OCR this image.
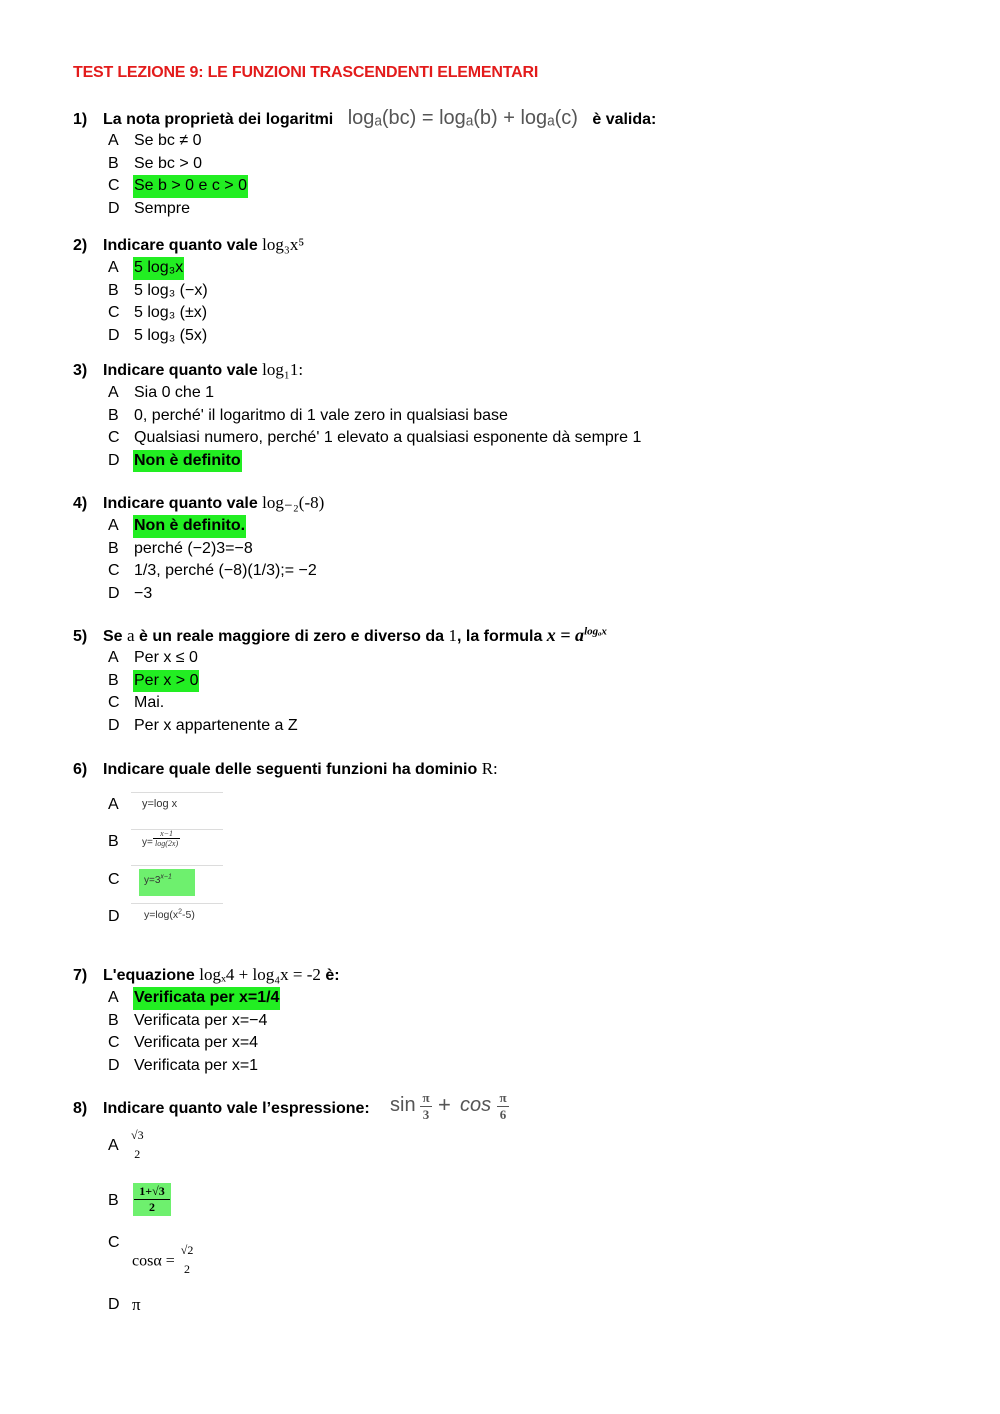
TEST LEZIONE 9: LE FUNZIONI TRASCENDENTI ELEMENTARI
1) La nota proprietà dei logaritmi logₐ(bc) = logₐ(b) + logₐ(c) è valida:
A Se bc ≠ 0
B Se bc > 0
C Se b > 0 e c > 0
D Sempre
2) Indicare quanto vale log₃x⁵
A 5 log₃x
B 5 log₃ (−x)
C 5 log₃ (±x)
D 5 log₃ (5x)
3) Indicare quanto vale log₁1:
A Sia 0 che 1
B 0, perché' il logaritmo di 1 vale zero in qualsiasi base
C Qualsiasi numero, perché' 1 elevato a qualsiasi esponente dà sempre 1
D Non è definito
4) Indicare quanto vale log₋₂(-8)
A Non è definito.
B perché (−2)3=−8
C 1/3, perché (−8)(1/3);= −2
D −3
5) Se a è un reale maggiore di zero e diverso da 1, la formula $x = a^{log_ax}$
A Per x ≤ 0
B Per x > 0
C Mai.
D Per x appartenente a Z
6) Indicare quale delle seguenti funzioni ha dominio R:
A
B
C
D
y=log x
$y= \frac{x-1}{\log(2x)}$
$y=3^{x-1}$
$y=\log(x^2-5)$
7) L'equazione logₓ4 + log₄x = -2 è:
A Verificata per x=1/4
B Verificata per x=−4
C Verificata per x=4
D Verificata per x=1
8) Indicare quanto vale l’espressione:	$\sin \frac{\pi}{3} + \cos \frac{\pi}{6}$
A
√3
2
B $\frac{1+√3}{2}$
C
cosα =
√2
2
D π
